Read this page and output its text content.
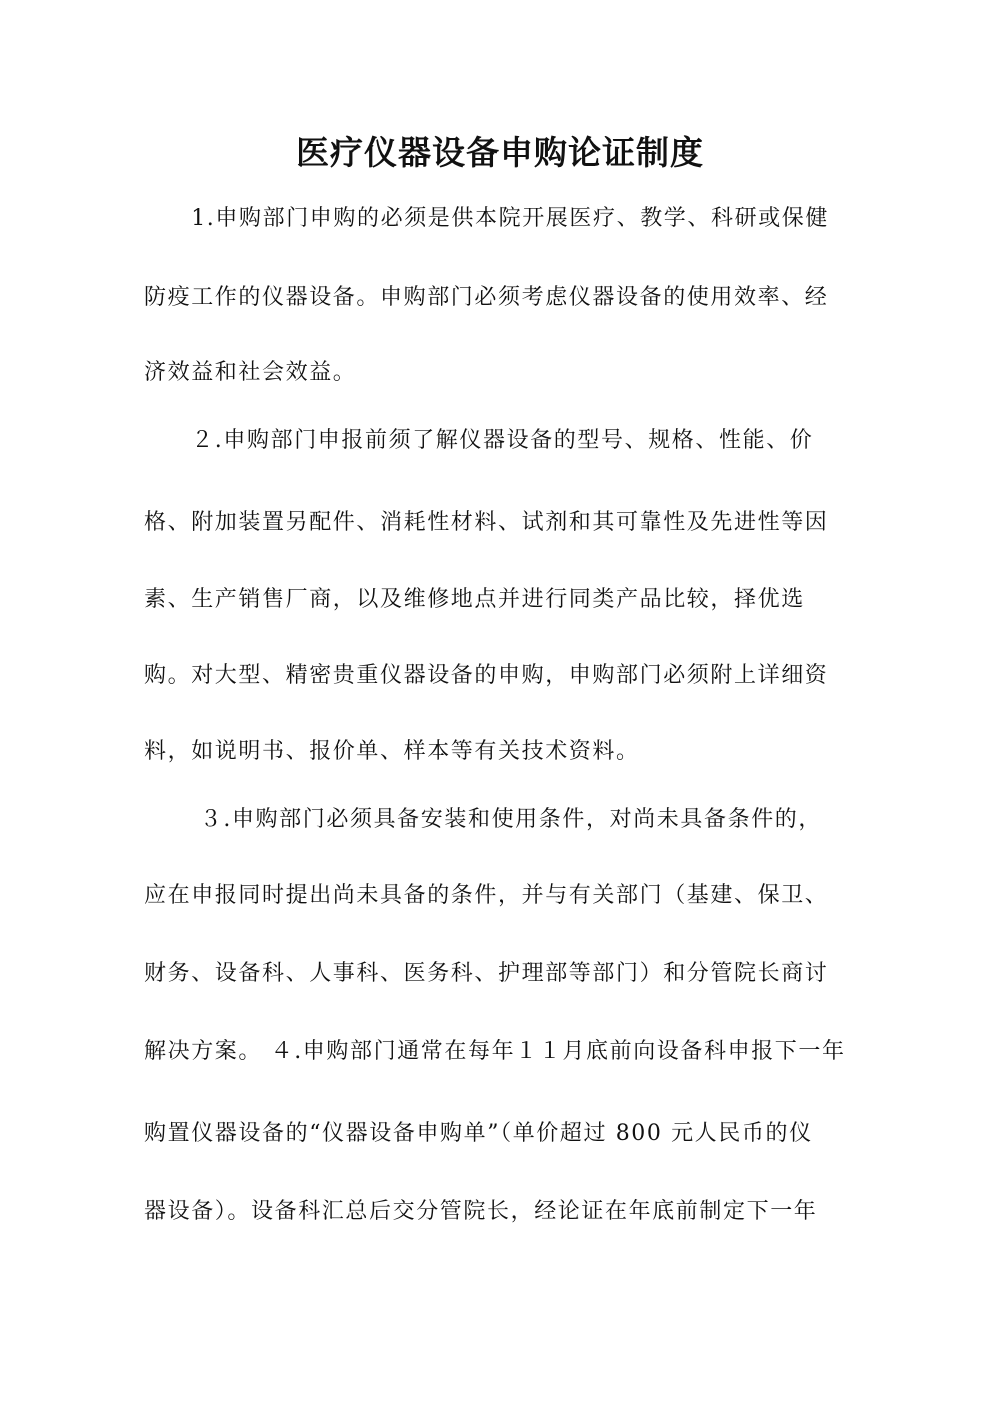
医疗仪器设备申购论证制度
　　1.申购部门申购的必须是供本院开展医疗、教学、科研或保健
防疫工作的仪器设备。申购部门必须考虑仪器设备的使用效率、经
济效益和社会效益。
　　２.申购部门申报前须了解仪器设备的型号、规格、性能、价
格、附加装置另配件、消耗性材料、试剂和其可靠性及先进性等因
素、生产销售厂商，以及维修地点并进行同类产品比较，择优选
购。对大型、精密贵重仪器设备的申购，申购部门必须附上详细资
料，如说明书、报价单、样本等有关技术资料。
　　 ３.申购部门必须具备安装和使用条件，对尚未具备条件的，
应在申报同时提出尚未具备的条件，并与有关部门（基建、保卫、
财务、设备科、人事科、医务科、护理部等部门）和分管院长商讨
解决方案。 ４.申购部门通常在每年１１月底前向设备科申报下一年
购置仪器设备的“仪器设备申购单”（单价超过 800 元人民币的仪
器设备）。设备科汇总后交分管院长，经论证在年底前制定下一年
